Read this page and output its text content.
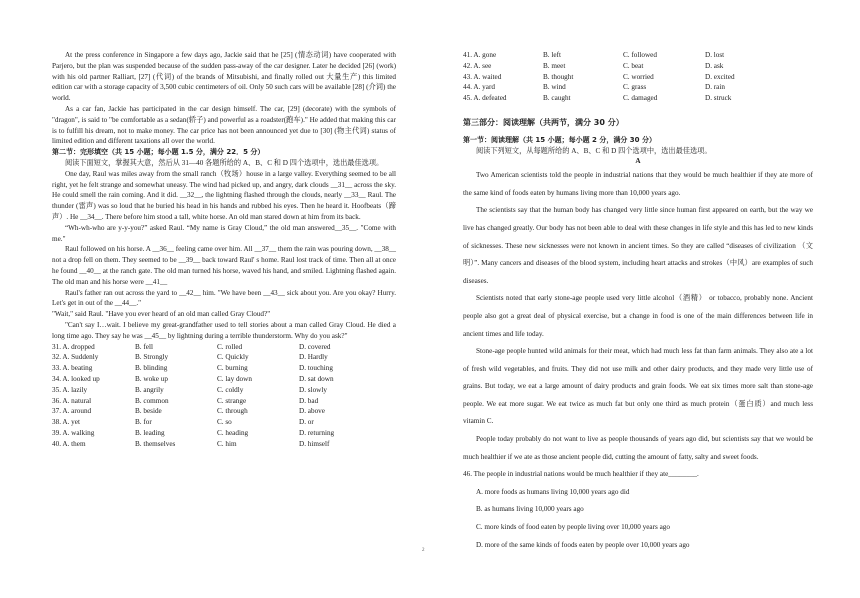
At the press conference in Singapore a few days ago, Jackie said that he [25] (情态动词) have cooperated with Parjero, but the plan was suspended because of the sudden pass-away of the car designer. Later he decided [26] (work) with his old partner Ralliart, [27] (代词) of the brands of Mitsubishi, and finally rolled out 大量生产) this limited edition car with a storage capacity of 3,500 cubic centimeters of oil. Only 50 such cars will be available [28] (介词) the world.

As a car fan, Jackie has participated in the car design himself. The car, [29] (decorate) with the symbols of "dragon", is said to "be comfortable as a sedan(轿子) and powerful as a roadster(跑车)." He added that making this car is to fulfill his dream, not to make money. The car price has not been announced yet due to [30] (物主代词) status of limited edition and different taxations all over the world.

第二节：完形填空（共 15 小题；每小题 1.5 分，满分 22．5 分）

阅读下面短文，掌握其大意，然后从 31—40 各题所给的 A、B、C 和 D 四个选项中，选出最佳选项。

One day, Raul was miles away from the small ranch（牧场）house in a large valley. Everything seemed to be all right, yet he felt strange and somewhat uneasy. The wind had picked up, and angry, dark clouds __31__ across the sky. He could smell the rain coming. And it did. __32__, the lightning flashed through the clouds, nearly __33__ Raul. The thunder (雷声) was so loud that he buried his head in his hands and rubbed his eyes. Then he heard it. Hoofbeats（蹄声）. He __34__. There before him stood a tall, white horse. An old man stared down at him from its back.

“Wh-wh-who are y-y-you?” asked Raul. “My name is Gray Cloud,” the old man answered__35__. "Come with me."

Raul followed on his horse. A __36__ feeling came over him. All __37__ them the rain was pouring down, __38__ not a drop fell on them. They seemed to be __39__ back toward Raul' s home. Raul lost track of time. Then all at once he found __40__ at the ranch gate. The old man turned his horse, waved his hand, and smiled. Lightning flashed again. The old man and his horse were __41__

Raul's father ran out across the yard to __42__ him. "We have been __43__ sick about you. Are you okay? Hurry. Let's get in out of the __44__."

"Wait," said Raul. "Have you ever heard of an old man called Gray Cloud?"

"Can't say I…wait. I believe my great-grandfather used to tell stories about a man called Gray Cloud. He died a long time ago. They say he was __45__ by lightning during a terrible thunderstorm. Why do you ask?"

31. A. dropped	B. fell	C. rolled	D. covered
32. A. Suddenly	B. Strongly	C. Quickly	D. Hardly
33. A. beating	B. blinding	C. burning	D. touching
34. A. looked up	B. woke up	C. lay down	D. sat down
35. A. lazily	B. angrily	C. coldly	D. slowly
36. A. natural	B. common	C. strange	D. bad
37. A. around	B. beside	C. through	D. above
38. A. yet	B. for	C. so	D. or
39. A. walking	B. leading	C. heading	D. returning
40. A. them	B. themselves	C. him	D. himself
41. A. gone	B. left	C. followed	D. lost
42. A. see	B. meet	C. beat	D. ask
43. A. waited	B. thought	C. worried	D. excited
44. A. yard	B. wind	C. grass	D. rain
45. A. defeated	B. caught	C. damaged	D. struck

第三部分：阅读理解（共两节，满分 30 分）

第一节：阅读理解（共 15 小题；每小题 2 分，满分 30 分）

阅读下列短文，从每题所给的 A、B、C 和 D 四个选项中，选出最佳选项。

A

Two American scientists told the people in industrial nations that they would be much healthier if they ate more of the same kind of foods eaten by humans living more than 10,000 years ago.

The scientists say that the human body has changed very little since human first appeared on earth, but the way we live has changed greatly. Our body has not been able to deal with these changes in life style and this has led to new kinds of sicknesses. These new sicknesses were not known in ancient times. So they are called “diseases of civilization （文明）”. Many cancers and diseases of the blood system, including heart attacks and strokes（中风）are examples of such diseases.

Scientists noted that early stone-age people used very little alcohol（酒精） or tobacco, probably none. Ancient people also got a great deal of physical exercise, but a change in food is one of the main differences between life in ancient times and life today.

Stone-age people hunted wild animals for their meat, which had much less fat than farm animals. They also ate a lot of fresh wild vegetables, and fruits. They did not use milk and other dairy products, and they made very little use of grains. But today, we eat a large amount of dairy products and grain foods. We eat six times more salt than stone-age people. We eat more sugar. We eat twice as much fat but only one third as much protein（蛋白质）and much less vitamin C.

People today probably do not want to live as people thousands of years ago did, but scientists say that we would be much healthier if we ate as those ancient people did, cutting the amount of fatty, salty and sweet foods.

46. The people in industrial nations would be much healthier if they ate________.

A. more foods as humans living 10,000 years ago did

B. as humans living 10,000 years ago

C. more kinds of food eaten by people living over 10,000 years ago

D. more of the same kinds of foods eaten by people over 10,000 years ago

2
